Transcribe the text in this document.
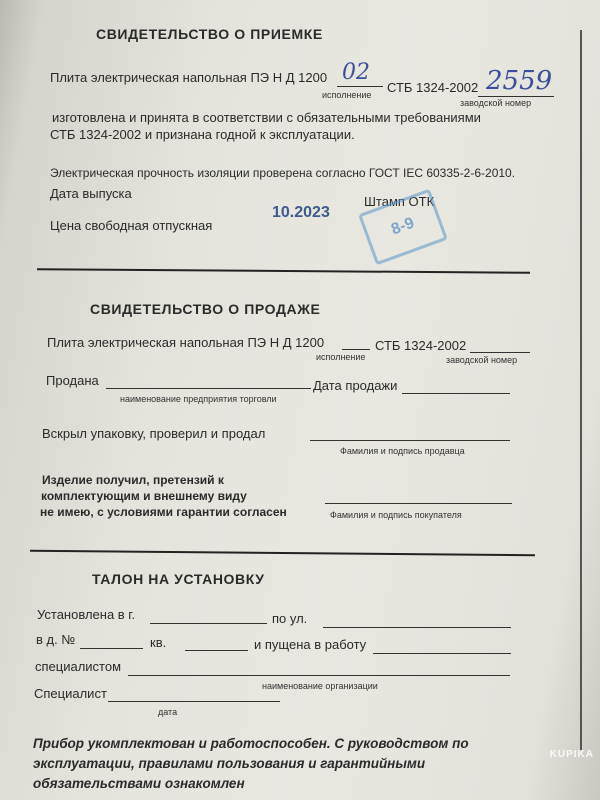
СВИДЕТЕЛЬСТВО О ПРИЕМКЕ
Плита электрическая напольная ПЭ Н Д 1200 02
исполнение СТБ 1324-2002 2559
заводской номер
изготовлена и принята в соответствии с обязательными требованиями
СТБ 1324-2002 и признана годной к эксплуатации.
Электрическая прочность изоляции проверена согласно ГОСТ IEC 60335-2-6-2010.
Дата выпуска
10.2023
Штамп ОТК
8-9
Цена свободная отпускная
СВИДЕТЕЛЬСТВО О ПРОДАЖЕ
Плита электрическая напольная ПЭ Н Д 1200
исполнение
СТБ 1324-2002
заводской номер
Продана	Дата продажи
наименование предприятия торговли
Вскрыл упаковку, проверил и продал
Фамилия и подпись продавца
Изделие получил, претензий к
комплектующим и внешнему виду
не имею, с условиями гарантии согласен	Фамилия и подпись покупателя
ТАЛОН НА УСТАНОВКУ
Установлена в г.	по ул.
в д. №	кв.	и пущена в работу
специалистом
наименование организации
Специалист
дата
Прибор укомплектован и работоспособен. С руководством по
эксплуатации, правилами пользования и гарантийными
обязательствами ознакомлен
KUPIKA
